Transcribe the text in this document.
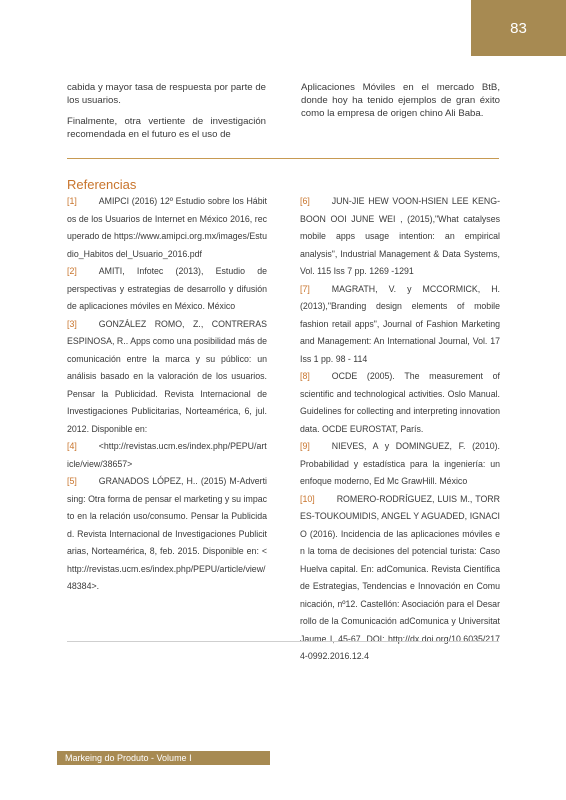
83

cabida y mayor tasa de respuesta por parte de los usuarios.

Finalmente, otra vertiente de investigación recomendada en el futuro es el uso de

Aplicaciones Móviles en el mercado BtB, donde hoy ha tenido ejemplos de gran éxito como la empresa de origen chino Ali Baba.

Referencias

[1]	AMIPCI (2016) 12º Estudio sobre los Hábitos de los Usuarios de Internet en México 2016, recuperado de https://www.amipci.org.mx/images/Estudio_Habitos del_Usuario_2016.pdf

[2]	AMITI, Infotec (2013), Estudio de perspectivas y estrategias de desarrollo y difusión de aplicaciones móviles en México. México

[3]	GONZÁLEZ ROMO, Z., CONTRERAS ESPINOSA, R.. Apps como una posibilidad más de comunicación entre la marca y su público: un análisis basado en la valoración de los usuarios. Pensar la Publicidad. Revista Internacional de Investigaciones Publicitarias, Norteamérica, 6, jul. 2012. Disponible en:

[4]	<http://revistas.ucm.es/index.php/PEPU/article/view/38657>

[5]	GRANADOS LÓPEZ, H.. (2015) M-Advertising: Otra forma de pensar el marketing y su impacto en la relación uso/consumo. Pensar la Publicidad. Revista Internacional de Investigaciones Publicitarias, Norteamérica, 8, feb. 2015. Disponible en: <http://revistas.ucm.es/index.php/PEPU/article/view/48384>.

[6]	JUN-JIE HEW VOON-HSIEN LEE KENG-BOON OOI JUNE WEI , (2015),"What catalyses mobile apps usage intention: an empirical analysis", Industrial Management & Data Systems, Vol. 115 Iss 7 pp. 1269 -1291

[7]	MAGRATH, V. y MCCORMICK, H. (2013),"Branding design elements of mobile fashion retail apps", Journal of Fashion Marketing and Management: An International Journal, Vol. 17 Iss 1 pp. 98 - 114

[8]	OCDE (2005). The measurement of scientific and technological activities. Oslo Manual. Guidelines for collecting and interpreting innovation data. OCDE EUROSTAT, París.

[9]	NIEVES, A y DOMINGUEZ, F. (2010). Probabilidad y estadística para la ingeniería: un enfoque moderno, Ed Mc GrawHill. México

[10]	ROMERO-RODRÍGUEZ, LUIS M., TORRES-TOUKOUMIDIS, ANGEL Y AGUADED, IGNACIO (2016). Incidencia de las aplicaciones móviles en la toma de decisiones del potencial turista: Caso Huelva capital. En: adComunica. Revista Científica de Estrategias, Tendencias e Innovación en Comunicación, nº12. Castellón: Asociación para el Desarrollo de la Comunicación adComunica y Universitat Jaume I, 45-67. DOI: http://dx.doi.org/10.6035/2174-0992.2016.12.4

Markeing do Produto - Volume I
